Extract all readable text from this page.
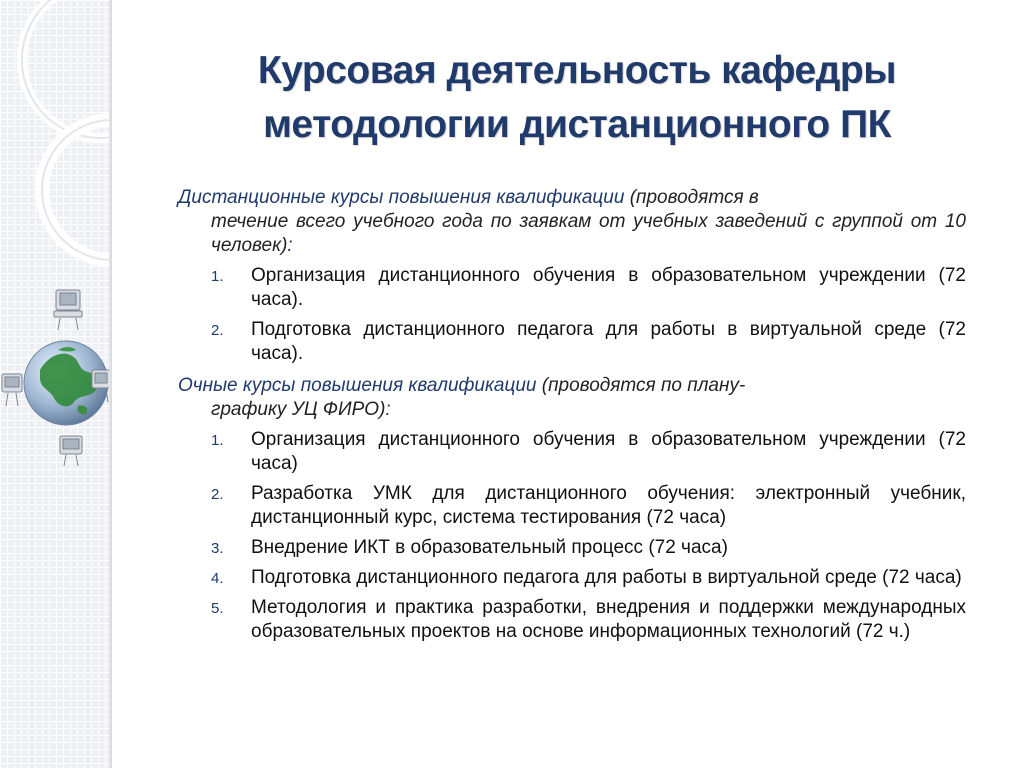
Курсовая деятельность кафедры
методологии дистанционного ПК

Дистанционные курсы повышения квалификации (проводятся в
течение всего учебного года по заявкам от учебных заведений с группой от 10 человек):

1. Организация дистанционного обучения в образовательном учреждении (72 часа).
2. Подготовка дистанционного педагога для работы в виртуальной среде (72 часа).

Очные курсы повышения квалификации (проводятся по плану-
графику УЦ ФИРО):

1. Организация дистанционного обучения в образовательном учреждении (72 часа)
2. Разработка УМК для дистанционного обучения: электронный учебник, дистанционный курс, система тестирования (72 часа)
3. Внедрение ИКТ в образовательный процесс (72 часа)
4. Подготовка дистанционного педагога для работы в виртуальной среде (72 часа)
5. Методология и практика разработки, внедрения и поддержки международных образовательных проектов на основе информационных технологий (72 ч.)
